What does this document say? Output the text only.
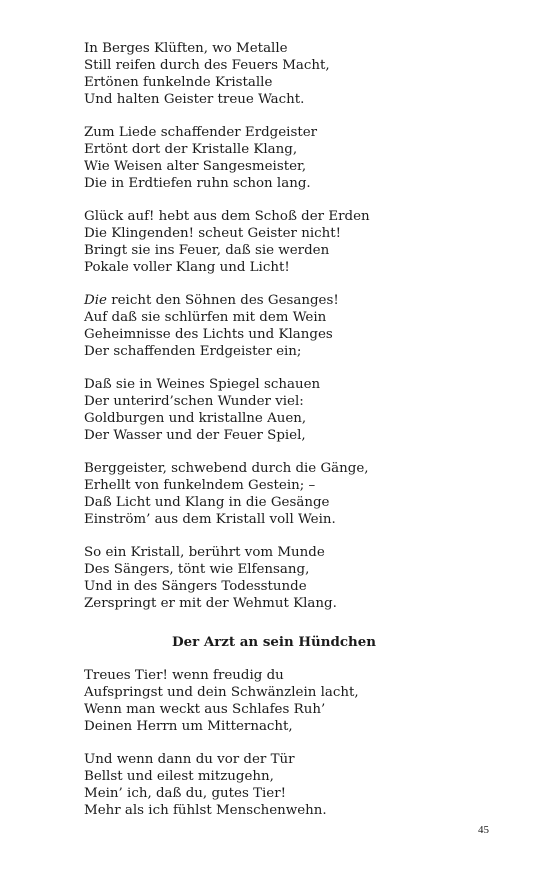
In Berges Klüften, wo Metalle
Still reifen durch des Feuers Macht,
Ertönen funkelnde Kristalle
Und halten Geister treue Wacht.
Zum Liede schaffender Erdgeister
Ertönt dort der Kristalle Klang,
Wie Weisen alter Sangesmeister,
Die in Erdtiefen ruhn schon lang.
Glück auf! hebt aus dem Schoß der Erden
Die Klingenden! scheut Geister nicht!
Bringt sie ins Feuer, daß sie werden
Pokale voller Klang und Licht!
Die reicht den Söhnen des Gesanges!
Auf daß sie schlürfen mit dem Wein
Geheimnisse des Lichts und Klanges
Der schaffenden Erdgeister ein;
Daß sie in Weines Spiegel schauen
Der unterird’schen Wunder viel:
Goldburgen und kristallne Auen,
Der Wasser und der Feuer Spiel,
Berggeister, schwebend durch die Gänge,
Erhellt von funkelndem Gestein; –
Daß Licht und Klang in die Gesänge
Einström’ aus dem Kristall voll Wein.
So ein Kristall, berührt vom Munde
Des Sängers, tönt wie Elfensang,
Und in des Sängers Todesstunde
Zerspringt er mit der Wehmut Klang.
Der Arzt an sein Hündchen
Treues Tier! wenn freudig du
Aufspringst und dein Schwänzlein lacht,
Wenn man weckt aus Schlafes Ruh’
Deinen Herrn um Mitternacht,
Und wenn dann du vor der Tür
Bellst und eilest mitzugehn,
Mein’ ich, daß du, gutes Tier!
Mehr als ich fühlst Menschenwehn.
45
